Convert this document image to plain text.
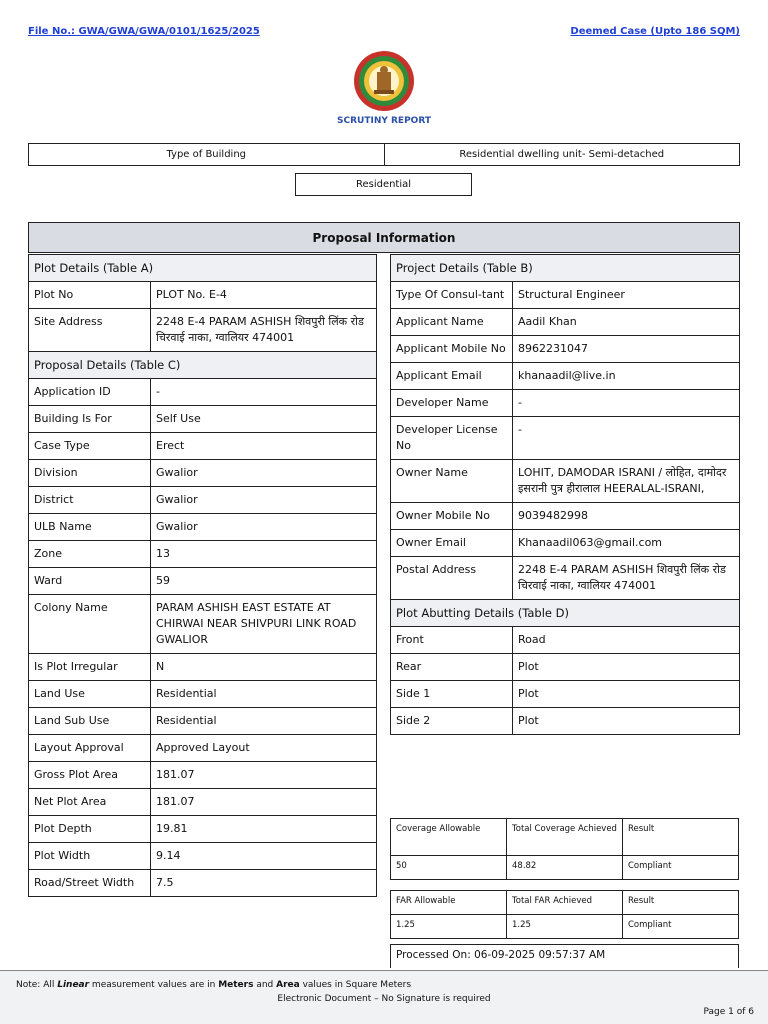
File No.: GWA/GWA/GWA/0101/1625/2025	Deemed Case (Upto 186 SQM)
SCRUTINY REPORT
Type of Building	Residential dwelling unit- Semi-detached
Residential
Proposal Information
Plot Details (Table A)	
Plot No	PLOT No. E-4
Site Address	2248 E-4 PARAM ASHISH शिवपुरी लिंक रोड चिरवाई नाका, ग्वालियर 474001
Proposal Details (Table C)	
Application ID	-
Building Is For	Self Use
Case Type	Erect
Division	Gwalior
District	Gwalior
ULB Name	Gwalior
Zone	13
Ward	59
Colony Name	PARAM ASHISH EAST ESTATE AT CHIRWAI NEAR SHIVPURI LINK ROAD GWALIOR
Is Plot Irregular	N
Land Use	Residential
Land Sub Use	Residential
Layout Approval	Approved Layout
Gross Plot Area	181.07
Net Plot Area	181.07
Plot Depth	19.81
Plot Width	9.14
Road/Street Width	7.5
Project Details (Table B)	
Type Of Consul-tant	Structural Engineer
Applicant Name	Aadil Khan
Applicant Mobile No	8962231047
Applicant Email	khanaadil@live.in
Developer Name	-
Developer License No	-
Owner Name	LOHIT, DAMODAR ISRANI / लोहित, दामोदर इसरानी पुत्र हीरालाल HEERALAL-ISRANI,
Owner Mobile No	9039482998
Owner Email	Khanaadil063@gmail.com
Postal Address	2248 E-4 PARAM ASHISH शिवपुरी लिंक रोड चिरवाई नाका, ग्वालियर 474001
Plot Abutting Details (Table D)	
Front	Road
Rear	Plot
Side 1	Plot
Side 2	Plot
Coverage Allowable	Total Coverage Achieved	Result
50	48.82	Compliant
FAR Allowable	Total FAR Achieved	Result
1.25	1.25	Compliant
Processed On: 06-09-2025 09:57:37 AM
Note: All Linear measurement values are in Meters and Area values in Square Meters
Electronic Document – No Signature is required
Page 1 of 6
